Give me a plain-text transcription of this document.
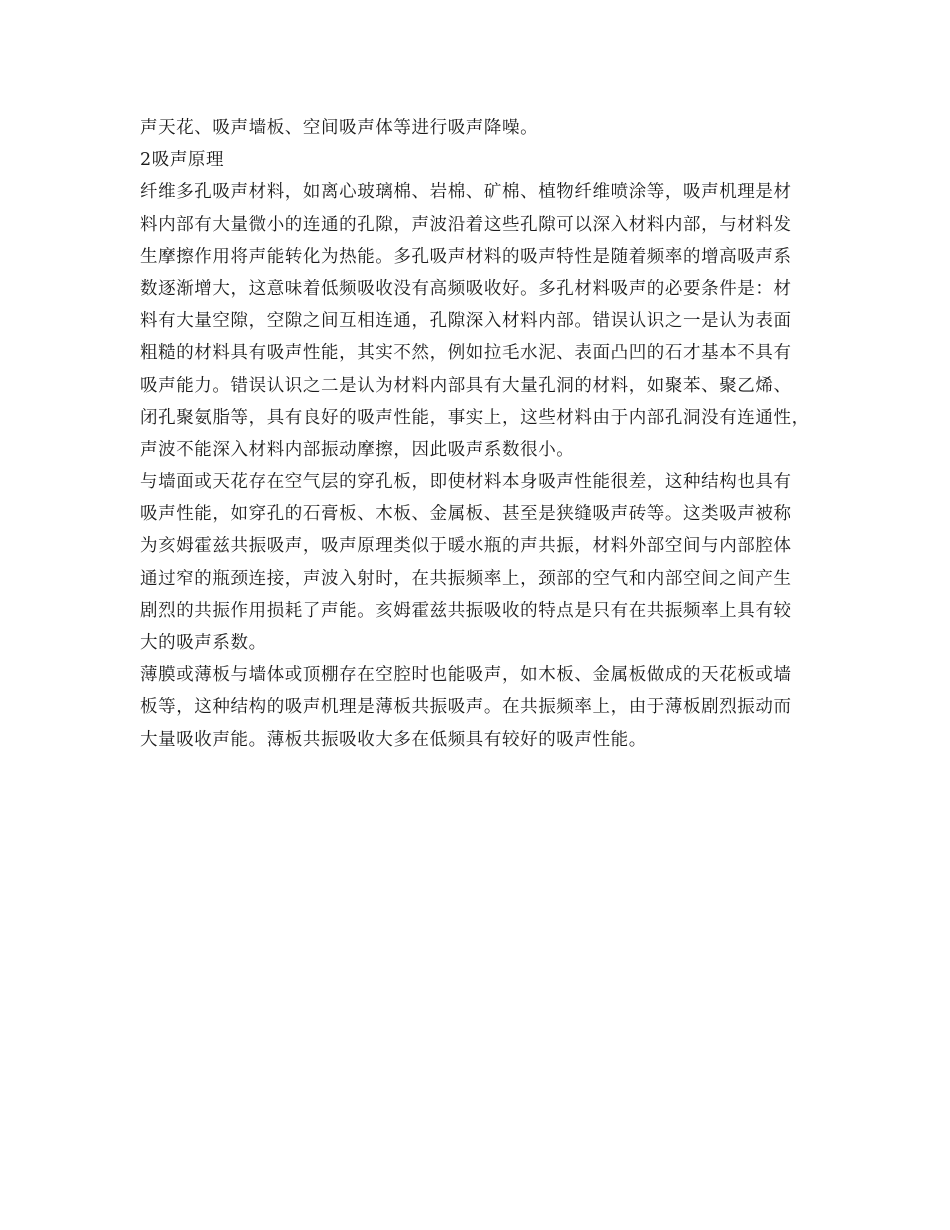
声天花、吸声墙板、空间吸声体等进行吸声降噪。
2吸声原理
纤维多孔吸声材料，如离心玻璃棉、岩棉、矿棉、植物纤维喷涂等，吸声机理是材
料内部有大量微小的连通的孔隙，声波沿着这些孔隙可以深入材料内部，与材料发
生摩擦作用将声能转化为热能。多孔吸声材料的吸声特性是随着频率的增高吸声系
数逐渐增大，这意味着低频吸收没有高频吸收好。多孔材料吸声的必要条件是：材
料有大量空隙，空隙之间互相连通，孔隙深入材料内部。错误认识之一是认为表面
粗糙的材料具有吸声性能，其实不然，例如拉毛水泥、表面凸凹的石才基本不具有
吸声能力。错误认识之二是认为材料内部具有大量孔洞的材料，如聚苯、聚乙烯、
闭孔聚氨脂等，具有良好的吸声性能，事实上，这些材料由于内部孔洞没有连通性，
声波不能深入材料内部振动摩擦，因此吸声系数很小。
与墙面或天花存在空气层的穿孔板，即使材料本身吸声性能很差，这种结构也具有
吸声性能，如穿孔的石膏板、木板、金属板、甚至是狭缝吸声砖等。这类吸声被称
为亥姆霍兹共振吸声，吸声原理类似于暖水瓶的声共振，材料外部空间与内部腔体
通过窄的瓶颈连接，声波入射时，在共振频率上，颈部的空气和内部空间之间产生
剧烈的共振作用损耗了声能。亥姆霍兹共振吸收的特点是只有在共振频率上具有较
大的吸声系数。
薄膜或薄板与墙体或顶棚存在空腔时也能吸声，如木板、金属板做成的天花板或墙
板等，这种结构的吸声机理是薄板共振吸声。在共振频率上，由于薄板剧烈振动而
大量吸收声能。薄板共振吸收大多在低频具有较好的吸声性能。
